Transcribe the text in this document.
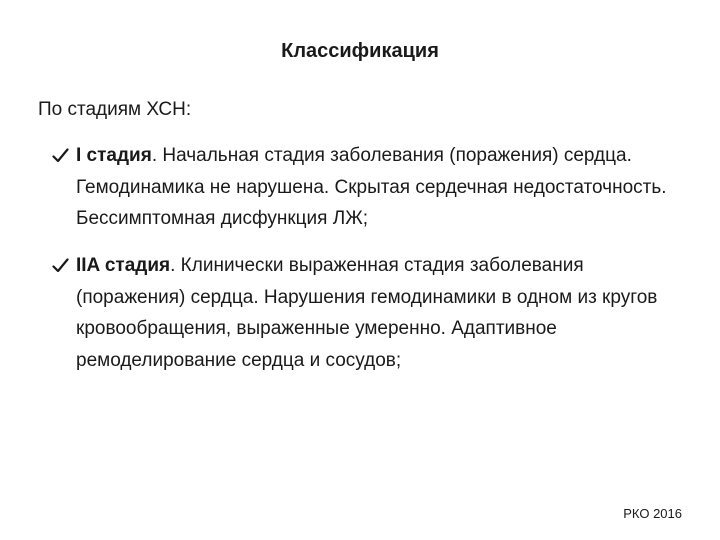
Классификация
По стадиям ХСН:
I стадия. Начальная стадия заболевания (поражения) сердца. Гемодинамика не нарушена. Скрытая сердечная недостаточность. Бессимптомная дисфункция ЛЖ;
IIA стадия. Клинически выраженная стадия заболевания (поражения) сердца. Нарушения гемодинамики в одном из кругов кровообращения, выраженные умеренно. Адаптивное ремоделирование сердца и сосудов;
РКО 2016
